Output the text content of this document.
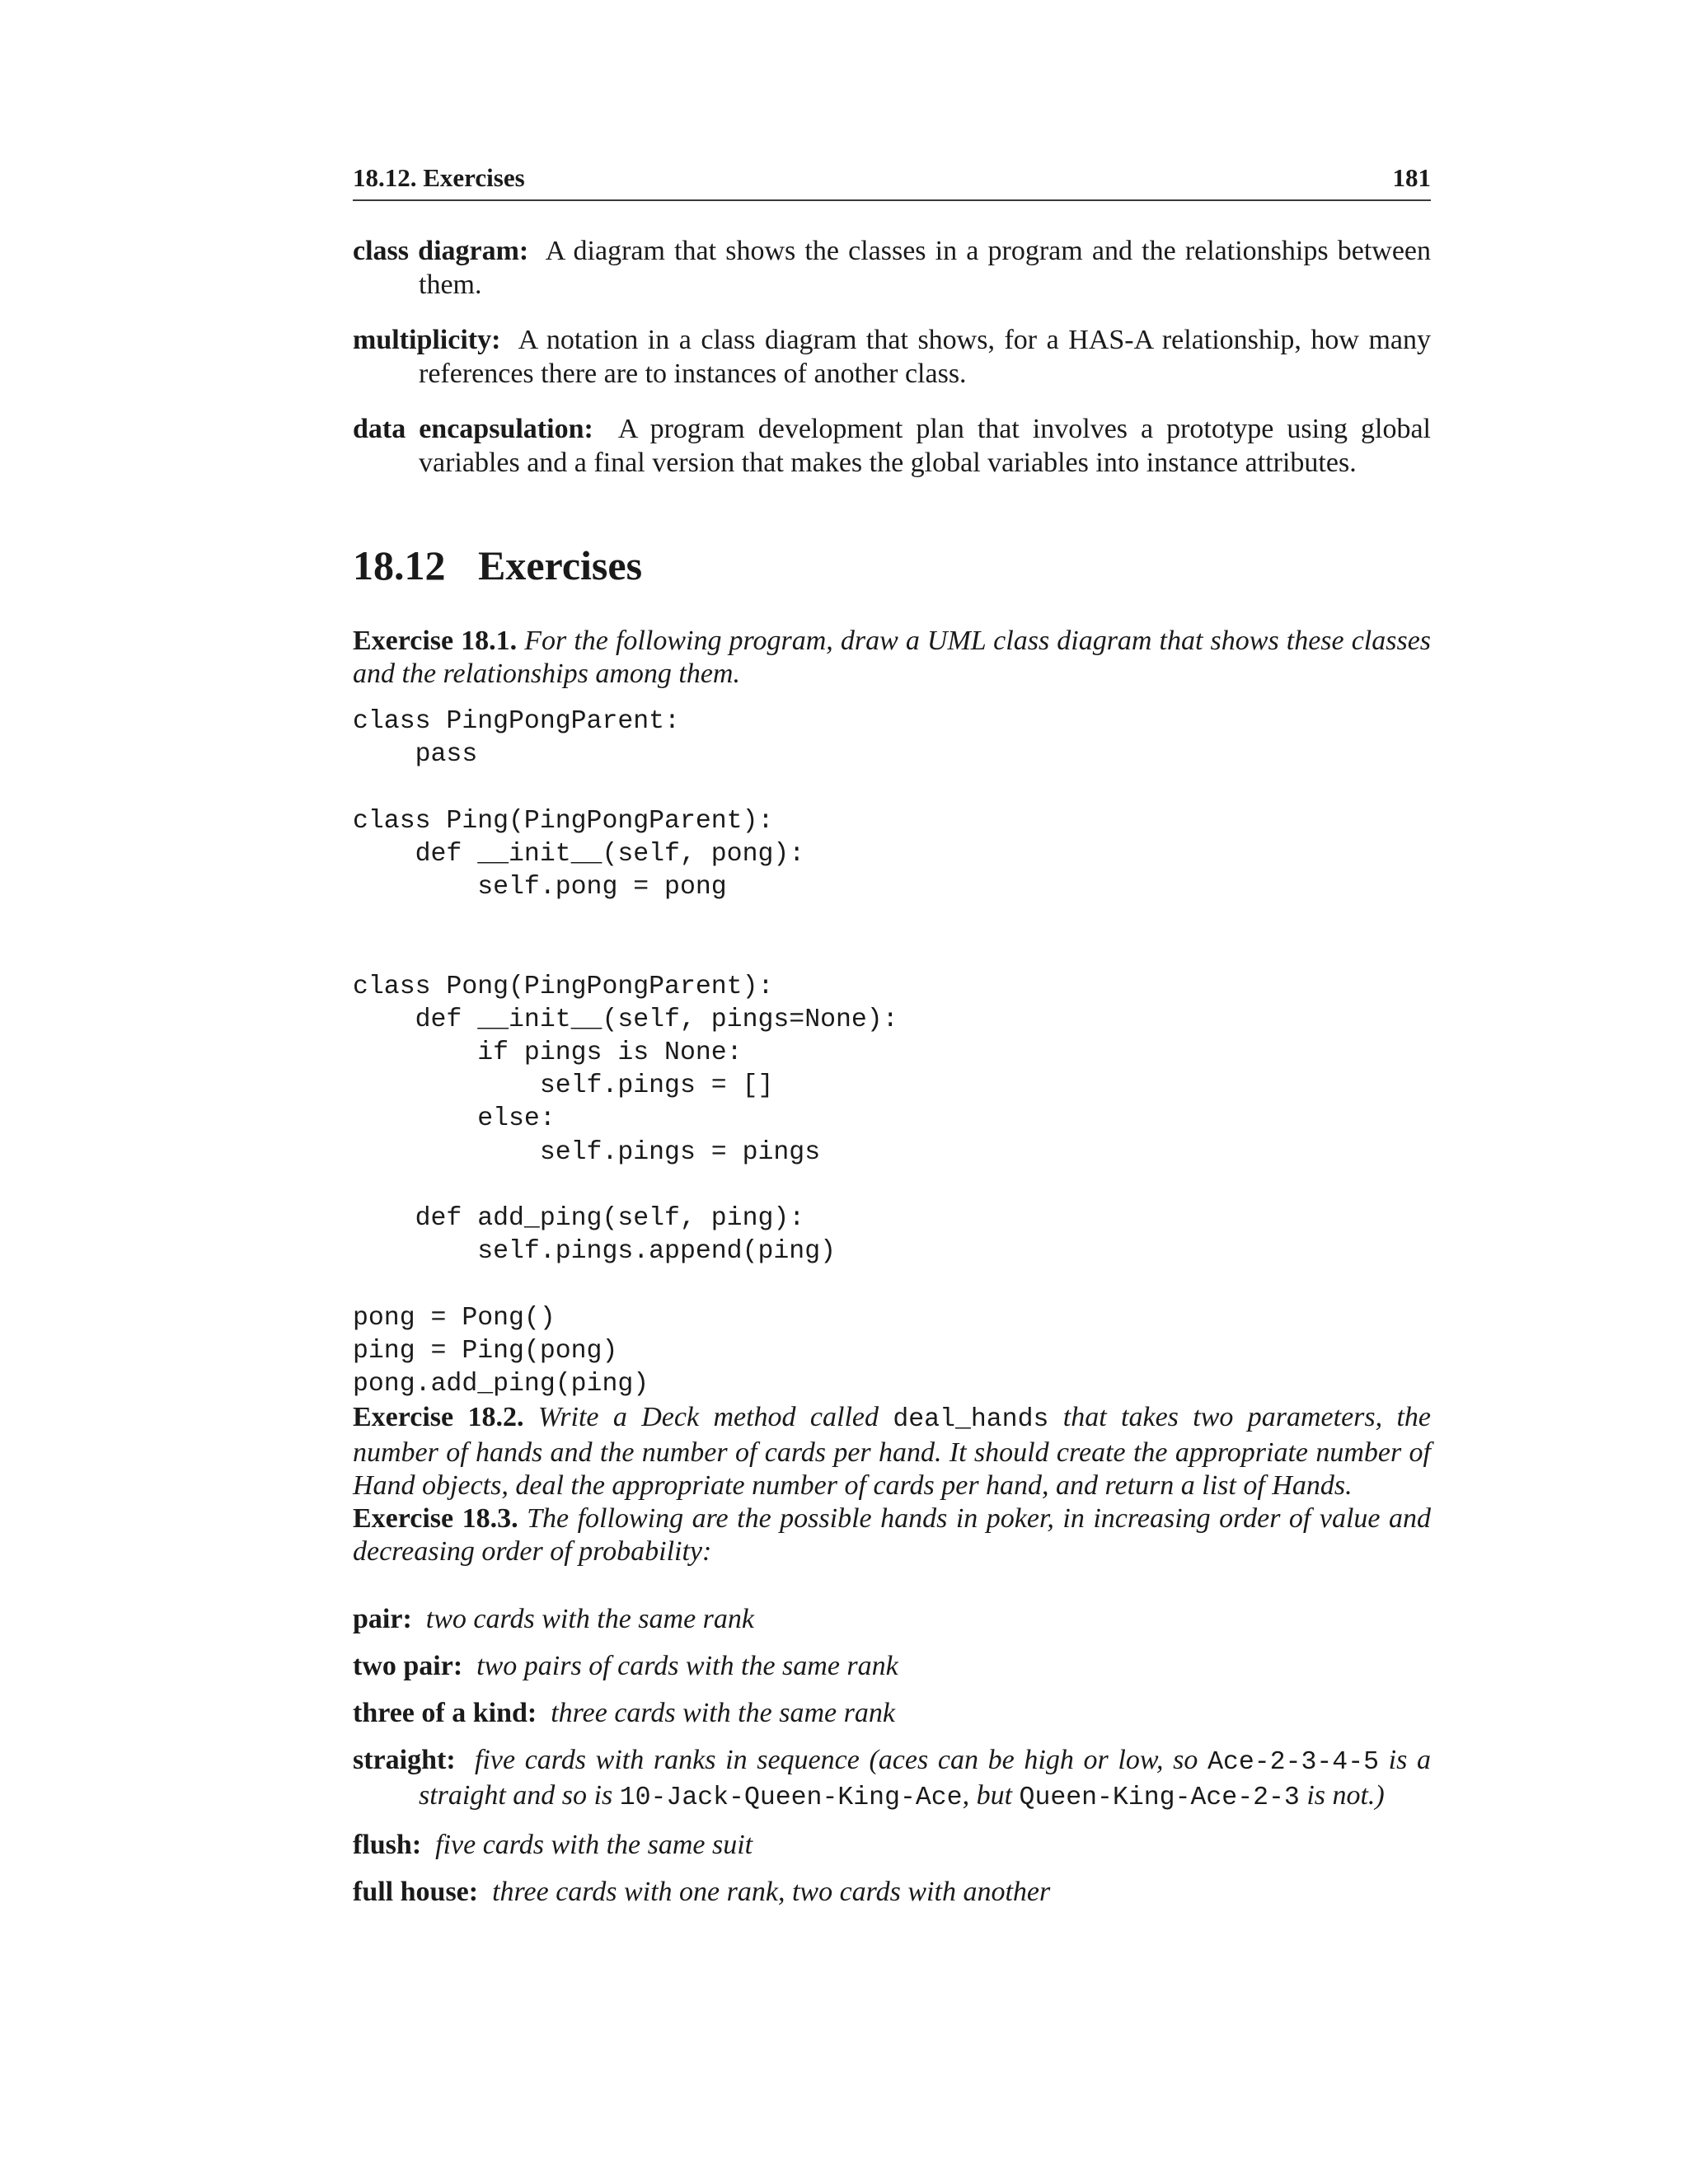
18.12. Exercises	181

class diagram: A diagram that shows the classes in a program and the relationships between them.

multiplicity: A notation in a class diagram that shows, for a HAS-A relationship, how many references there are to instances of another class.

data encapsulation: A program development plan that involves a prototype using global variables and a final version that makes the global variables into instance attributes.

18.12 Exercises

Exercise 18.1. For the following program, draw a UML class diagram that shows these classes and the relationships among them.

class PingPongParent:
pass

class Ping(PingPongParent):
def __init__(self, pong):
self.pong = pong

class Pong(PingPongParent):
def __init__(self, pings=None):
if pings is None:
self.pings = []
else:
self.pings = pings

def add_ping(self, ping):
self.pings.append(ping)

pong = Pong()
ping = Ping(pong)
pong.add_ping(ping)

Exercise 18.2. Write a Deck method called deal_hands that takes two parameters, the number of hands and the number of cards per hand. It should create the appropriate number of Hand objects, deal the appropriate number of cards per hand, and return a list of Hands.

Exercise 18.3. The following are the possible hands in poker, in increasing order of value and decreasing order of probability:

pair: two cards with the same rank

two pair: two pairs of cards with the same rank

three of a kind: three cards with the same rank

straight: five cards with ranks in sequence (aces can be high or low, so Ace-2-3-4-5 is a straight and so is 10-Jack-Queen-King-Ace, but Queen-King-Ace-2-3 is not.)

flush: five cards with the same suit

full house: three cards with one rank, two cards with another
